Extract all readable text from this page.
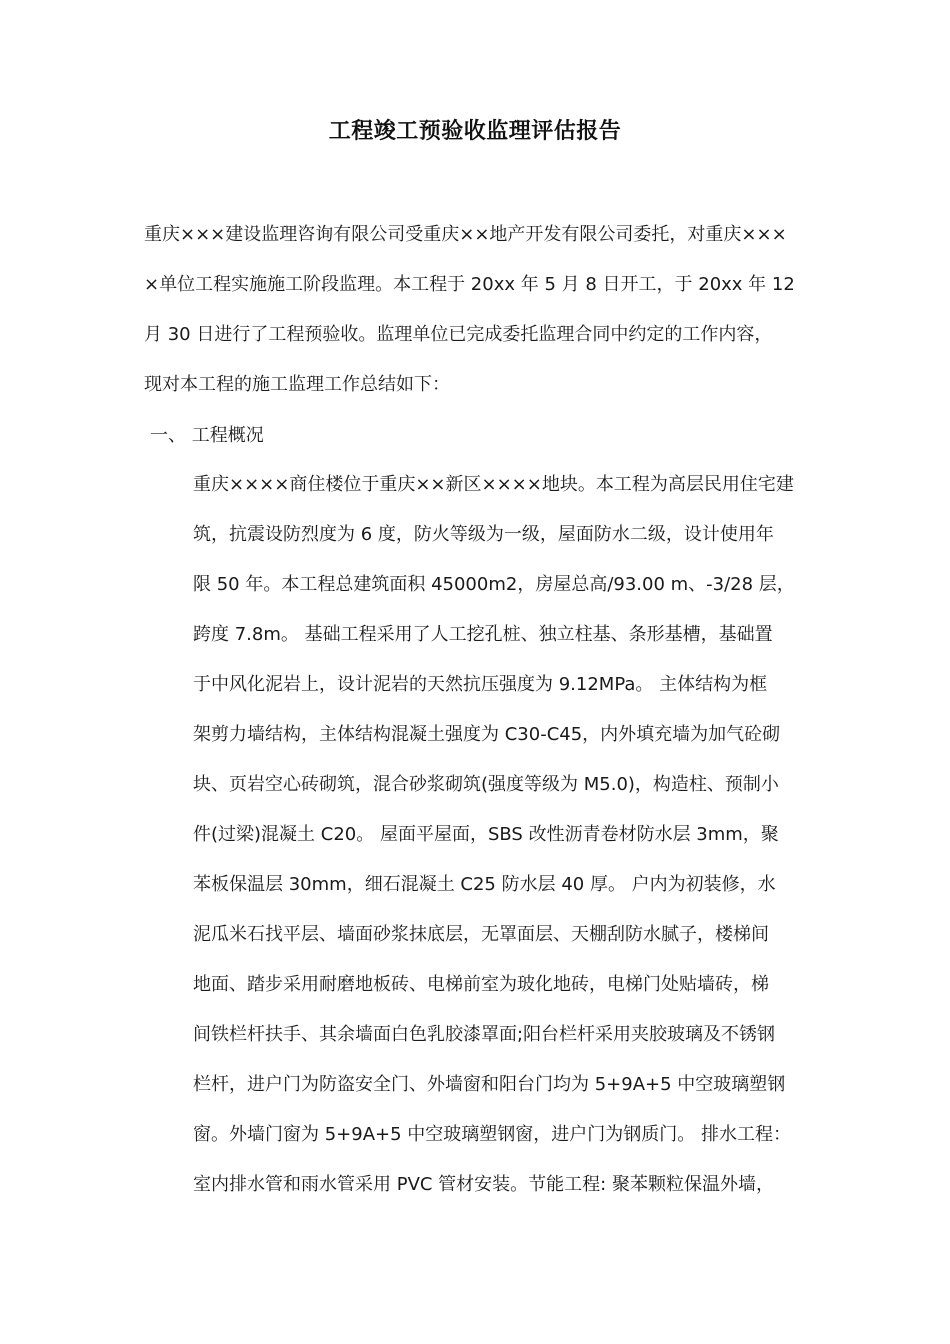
工程竣工预验收监理评估报告
重庆×××建设监理咨询有限公司受重庆××地产开发有限公司委托，对重庆×××
×单位工程实施施工阶段监理。本工程于 20xx 年 5 月 8 日开工，于 20xx 年 12
月 30 日进行了工程预验收。监理单位已完成委托监理合同中约定的工作内容，
现对本工程的施工监理工作总结如下：
一、 工程概况
重庆××××商住楼位于重庆××新区××××地块。本工程为高层民用住宅建
筑，抗震设防烈度为 6 度，防火等级为一级，屋面防水二级，设计使用年
限 50 年。本工程总建筑面积 45000m2，房屋总高/93.00 m、-3/28 层，
跨度 7.8m。 基础工程采用了人工挖孔桩、独立柱基、条形基槽，基础置
于中风化泥岩上，设计泥岩的天然抗压强度为 9.12MPa。 主体结构为框
架剪力墙结构，主体结构混凝土强度为 C30-C45，内外填充墙为加气砼砌
块、页岩空心砖砌筑，混合砂浆砌筑(强度等级为 M5.0)，构造柱、预制小
件(过梁)混凝土 C20。 屋面平屋面，SBS 改性沥青卷材防水层 3mm，聚
苯板保温层 30mm，细石混凝土 C25 防水层 40 厚。 户内为初装修，水
泥瓜米石找平层、墙面砂浆抹底层，无罩面层、天棚刮防水腻子，楼梯间
地面、踏步采用耐磨地板砖、电梯前室为玻化地砖，电梯门处贴墙砖，梯
间铁栏杆扶手、其余墙面白色乳胶漆罩面;阳台栏杆采用夹胶玻璃及不锈钢
栏杆，进户门为防盗安全门、外墙窗和阳台门均为 5+9A+5 中空玻璃塑钢
窗。外墙门窗为 5+9A+5 中空玻璃塑钢窗，进户门为钢质门。 排水工程：
室内排水管和雨水管采用 PVC 管材安装。节能工程: 聚苯颗粒保温外墙，
